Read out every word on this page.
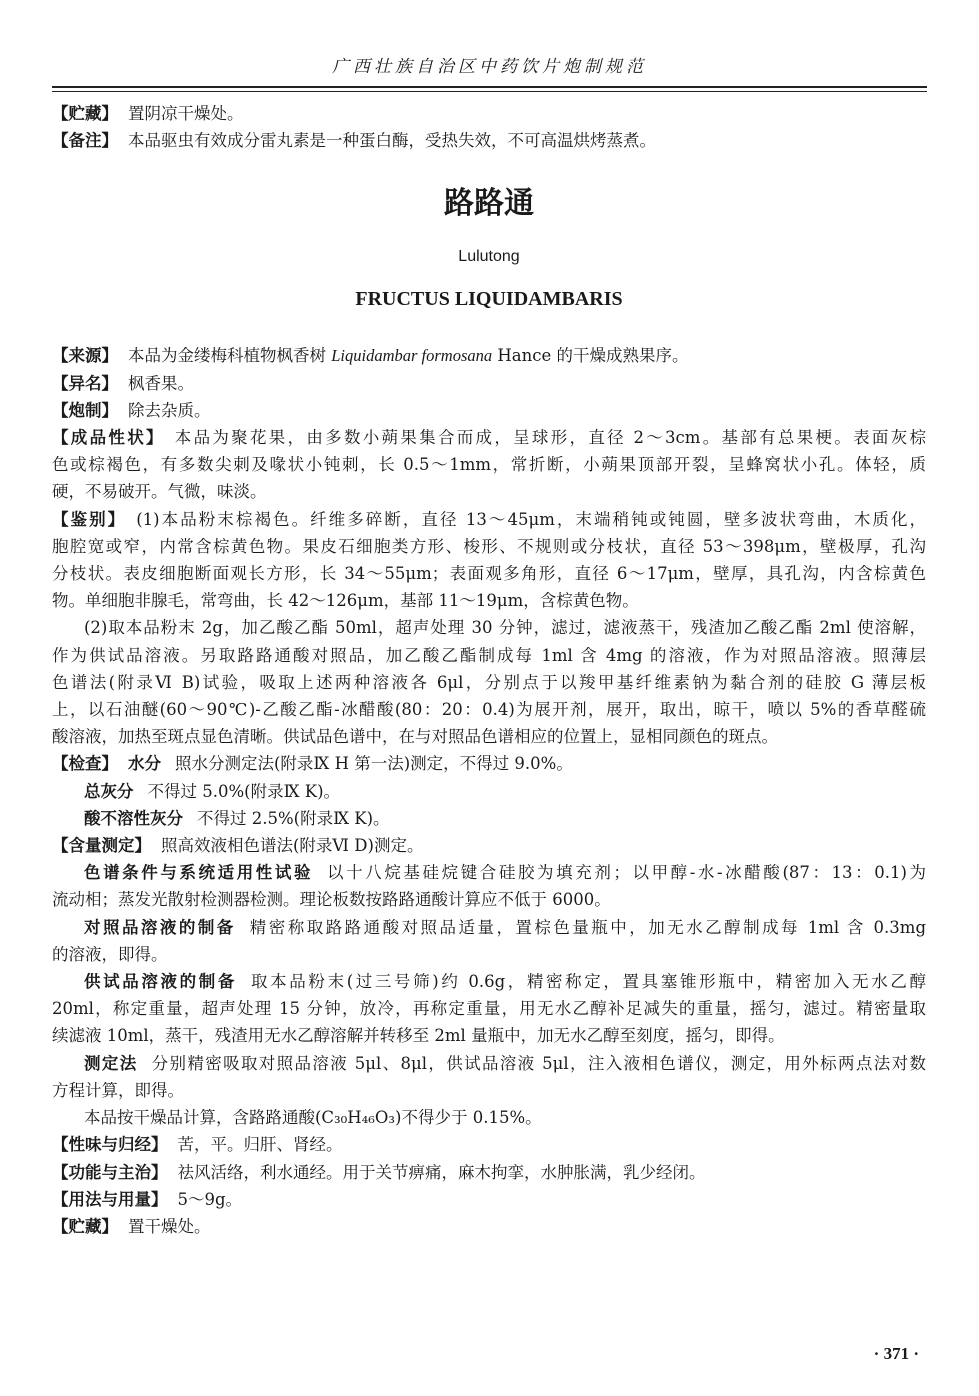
广西壮族自治区中药饮片炮制规范
【贮藏】 置阴凉干燥处。
【备注】 本品驱虫有效成分雷丸素是一种蛋白酶，受热失效，不可高温烘烤蒸煮。
路路通
Lulutong
FRUCTUS LIQUIDAMBARIS
【来源】 本品为金缕梅科植物枫香树 Liquidambar formosana Hance 的干燥成熟果序。
【异名】 枫香果。
【炮制】 除去杂质。
【成品性状】 本品为聚花果，由多数小蒴果集合而成，呈球形，直径 2～3cm。基部有总果梗。表面灰棕
色或棕褐色，有多数尖刺及喙状小钝刺，长 0.5～1mm，常折断，小蒴果顶部开裂，呈蜂窝状小孔。体轻，质
硬，不易破开。气微，味淡。
【鉴别】 (1)本品粉末棕褐色。纤维多碎断，直径 13～45μm，末端稍钝或钝圆，壁多波状弯曲，木质化，
胞腔宽或窄，内常含棕黄色物。果皮石细胞类方形、梭形、不规则或分枝状，直径 53～398μm，壁极厚，孔沟
分枝状。表皮细胞断面观长方形，长 34～55μm；表面观多角形，直径 6～17μm，壁厚，具孔沟，内含棕黄色
物。单细胞非腺毛，常弯曲，长 42～126μm，基部 11～19μm，含棕黄色物。
(2)取本品粉末 2g，加乙酸乙酯 50ml，超声处理 30 分钟，滤过，滤液蒸干，残渣加乙酸乙酯 2ml 使溶解，
作为供试品溶液。另取路路通酸对照品，加乙酸乙酯制成每 1ml 含 4mg 的溶液，作为对照品溶液。照薄层
色谱法(附录Ⅵ B)试验，吸取上述两种溶液各 6μl，分别点于以羧甲基纤维素钠为黏合剂的硅胶 G 薄层板
上，以石油醚(60～90℃)-乙酸乙酯-冰醋酸(80：20：0.4)为展开剂，展开，取出，晾干，喷以 5%的香草醛硫
酸溶液，加热至斑点显色清晰。供试品色谱中，在与对照品色谱相应的位置上，显相同颜色的斑点。
【检查】 水分 照水分测定法(附录Ⅸ H 第一法)测定，不得过 9.0%。
总灰分 不得过 5.0%(附录Ⅸ K)。
酸不溶性灰分 不得过 2.5%(附录Ⅸ K)。
【含量测定】 照高效液相色谱法(附录Ⅵ D)测定。
色谱条件与系统适用性试验 以十八烷基硅烷键合硅胶为填充剂；以甲醇-水-冰醋酸(87：13：0.1)为
流动相；蒸发光散射检测器检测。理论板数按路路通酸计算应不低于 6000。
对照品溶液的制备 精密称取路路通酸对照品适量，置棕色量瓶中，加无水乙醇制成每 1ml 含 0.3mg
的溶液，即得。
供试品溶液的制备 取本品粉末(过三号筛)约 0.6g，精密称定，置具塞锥形瓶中，精密加入无水乙醇
20ml，称定重量，超声处理 15 分钟，放冷，再称定重量，用无水乙醇补足减失的重量，摇匀，滤过。精密量取
续滤液 10ml，蒸干，残渣用无水乙醇溶解并转移至 2ml 量瓶中，加无水乙醇至刻度，摇匀，即得。
测定法 分别精密吸取对照品溶液 5μl、8μl，供试品溶液 5μl，注入液相色谱仪，测定，用外标两点法对数
方程计算，即得。
本品按干燥品计算，含路路通酸(C₃₀H₄₆O₃)不得少于 0.15%。
【性味与归经】 苦，平。归肝、肾经。
【功能与主治】 祛风活络，利水通经。用于关节痹痛，麻木拘挛，水肿胀满，乳少经闭。
【用法与用量】 5～9g。
【贮藏】 置干燥处。
· 371 ·
